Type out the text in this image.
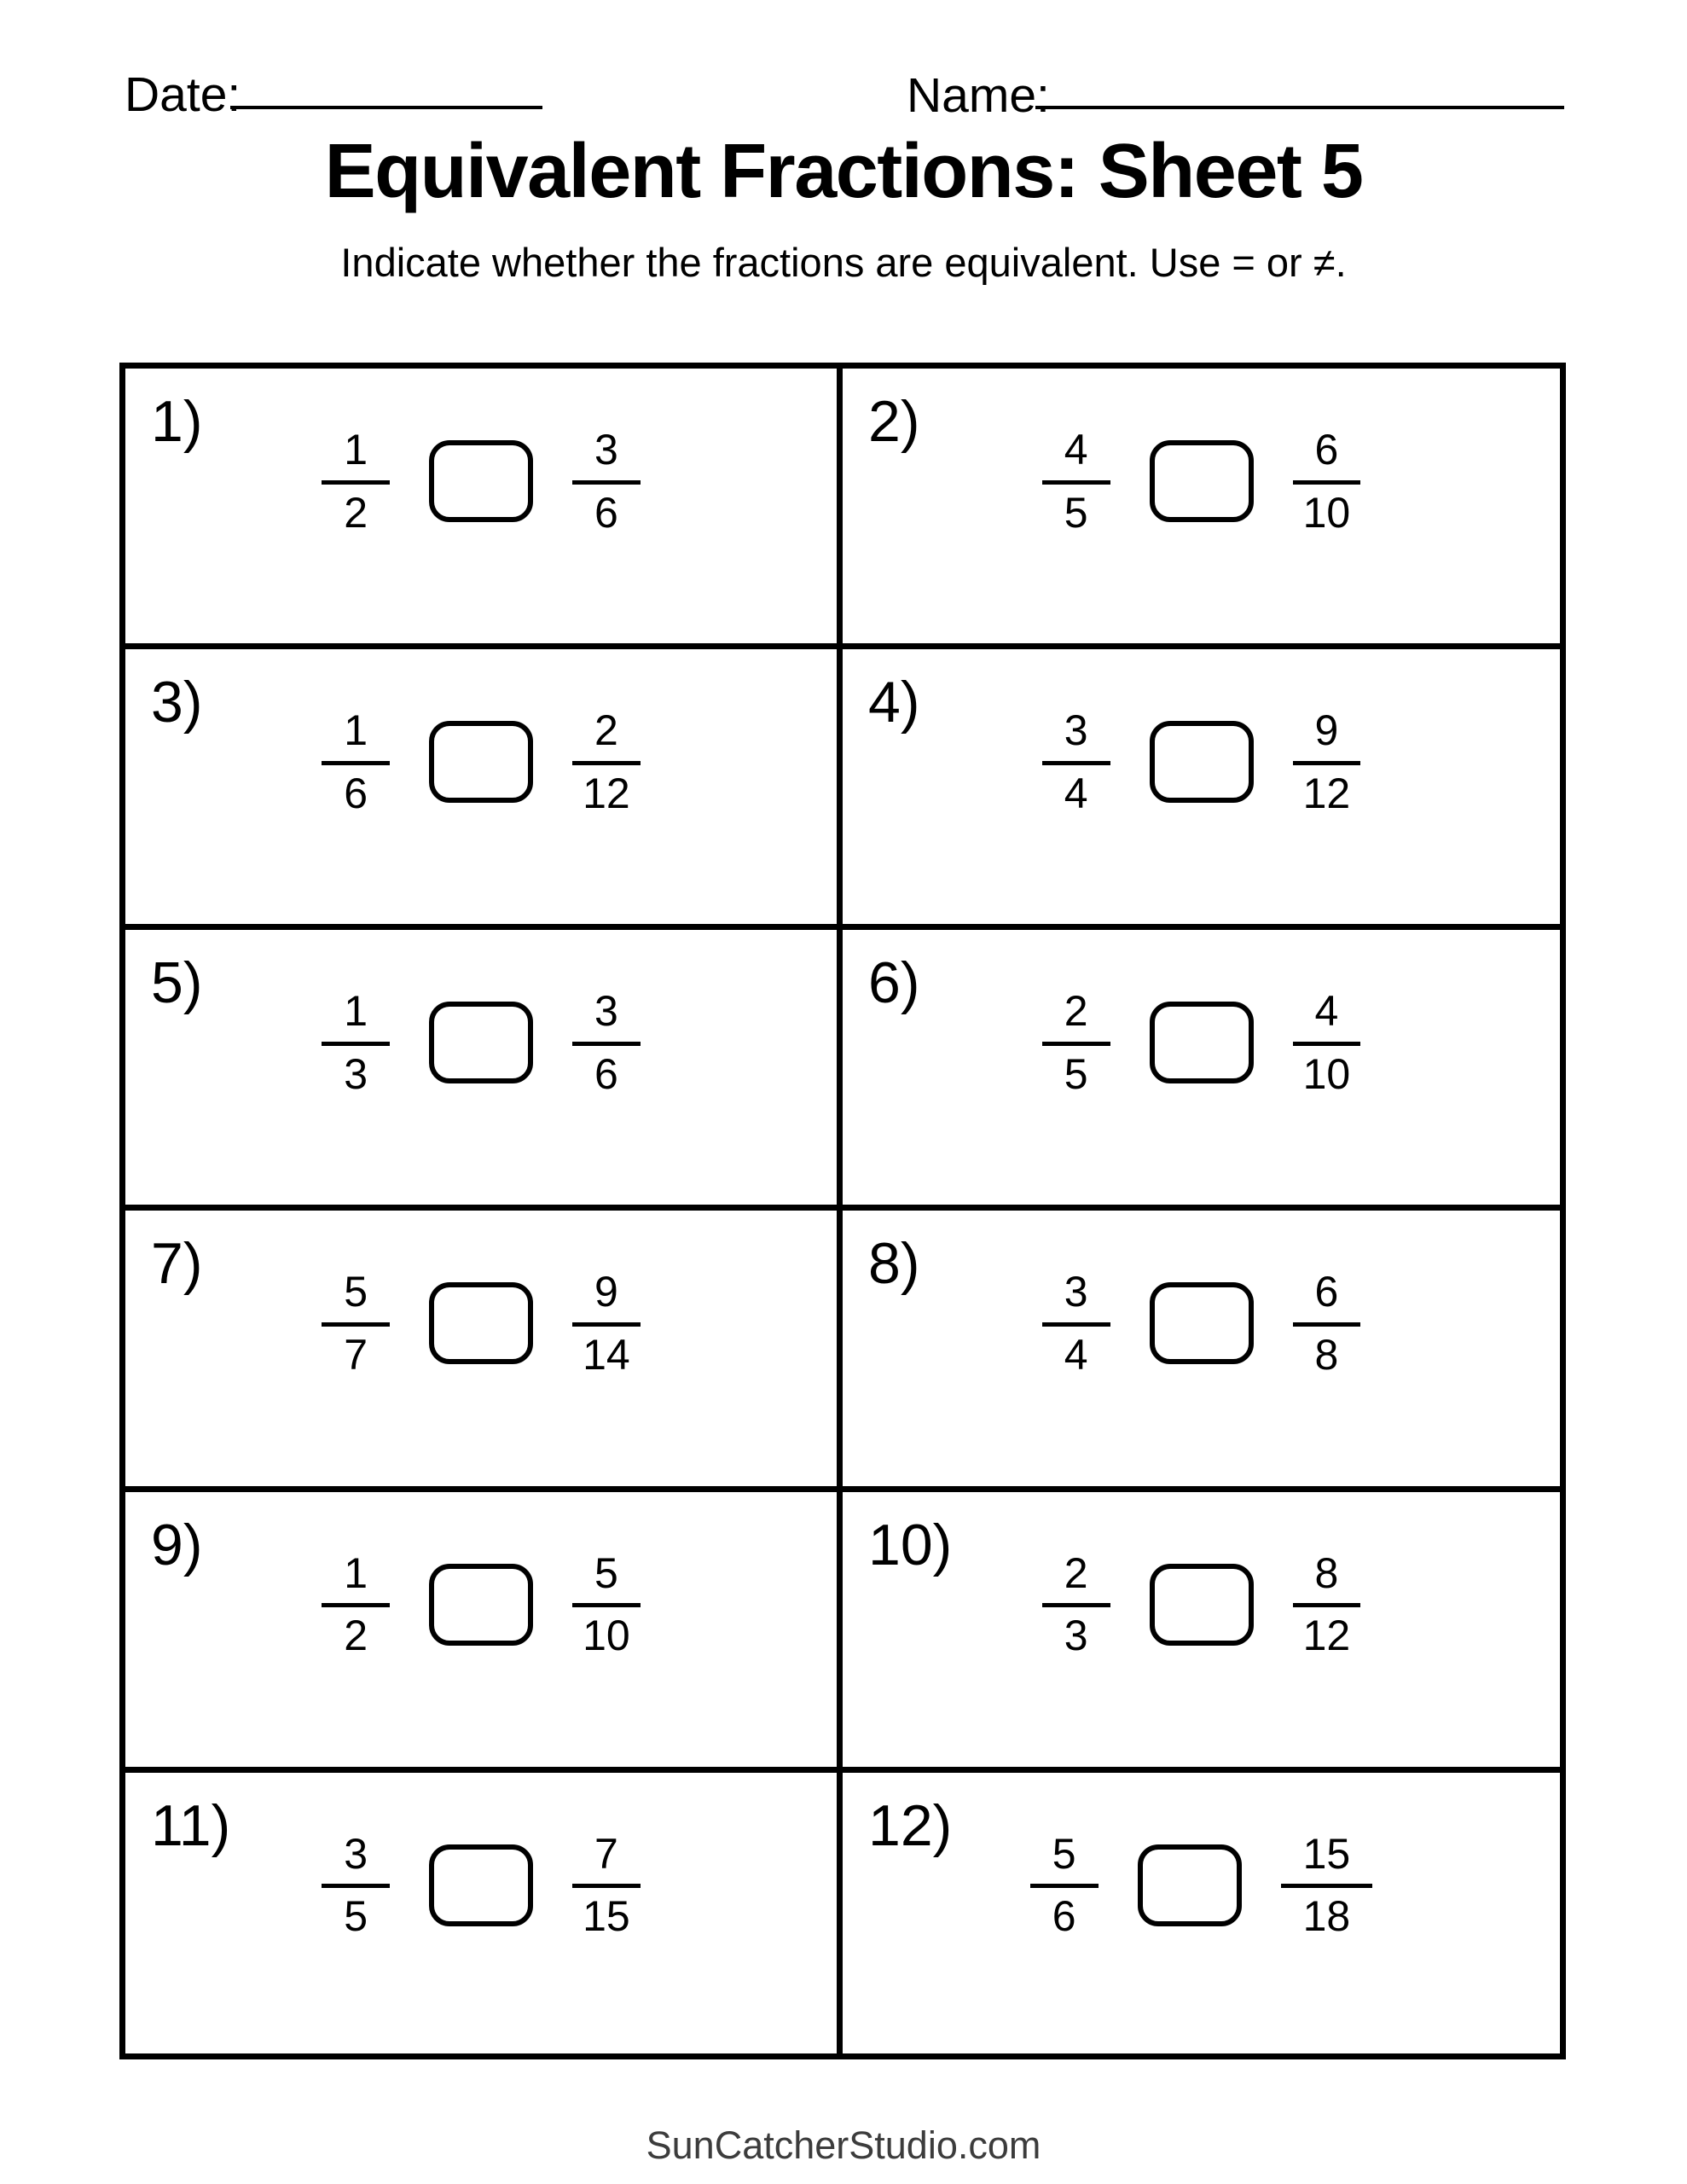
Date:	Name:
Equivalent Fractions: Sheet 5
Indicate whether the fractions are equivalent. Use = or ≠.
1)
$\frac{1}{2}$	$\frac{3}{6}$
2)
$\frac{4}{5}$	$\frac{6}{10}$
3)
$\frac{1}{6}$	$\frac{2}{12}$
4)
$\frac{3}{4}$	$\frac{9}{12}$
5)
$\frac{1}{3}$	$\frac{3}{6}$
6)
$\frac{2}{5}$	$\frac{4}{10}$
7)
$\frac{5}{7}$	$\frac{9}{14}$
8)
$\frac{3}{4}$	$\frac{6}{8}$
9)
$\frac{1}{2}$	$\frac{5}{10}$
10)
$\frac{2}{3}$	$\frac{8}{12}$
11)
$\frac{3}{5}$	$\frac{7}{15}$
12)
$\frac{5}{6}$	$\frac{15}{18}$
SunCatcherStudio.com
